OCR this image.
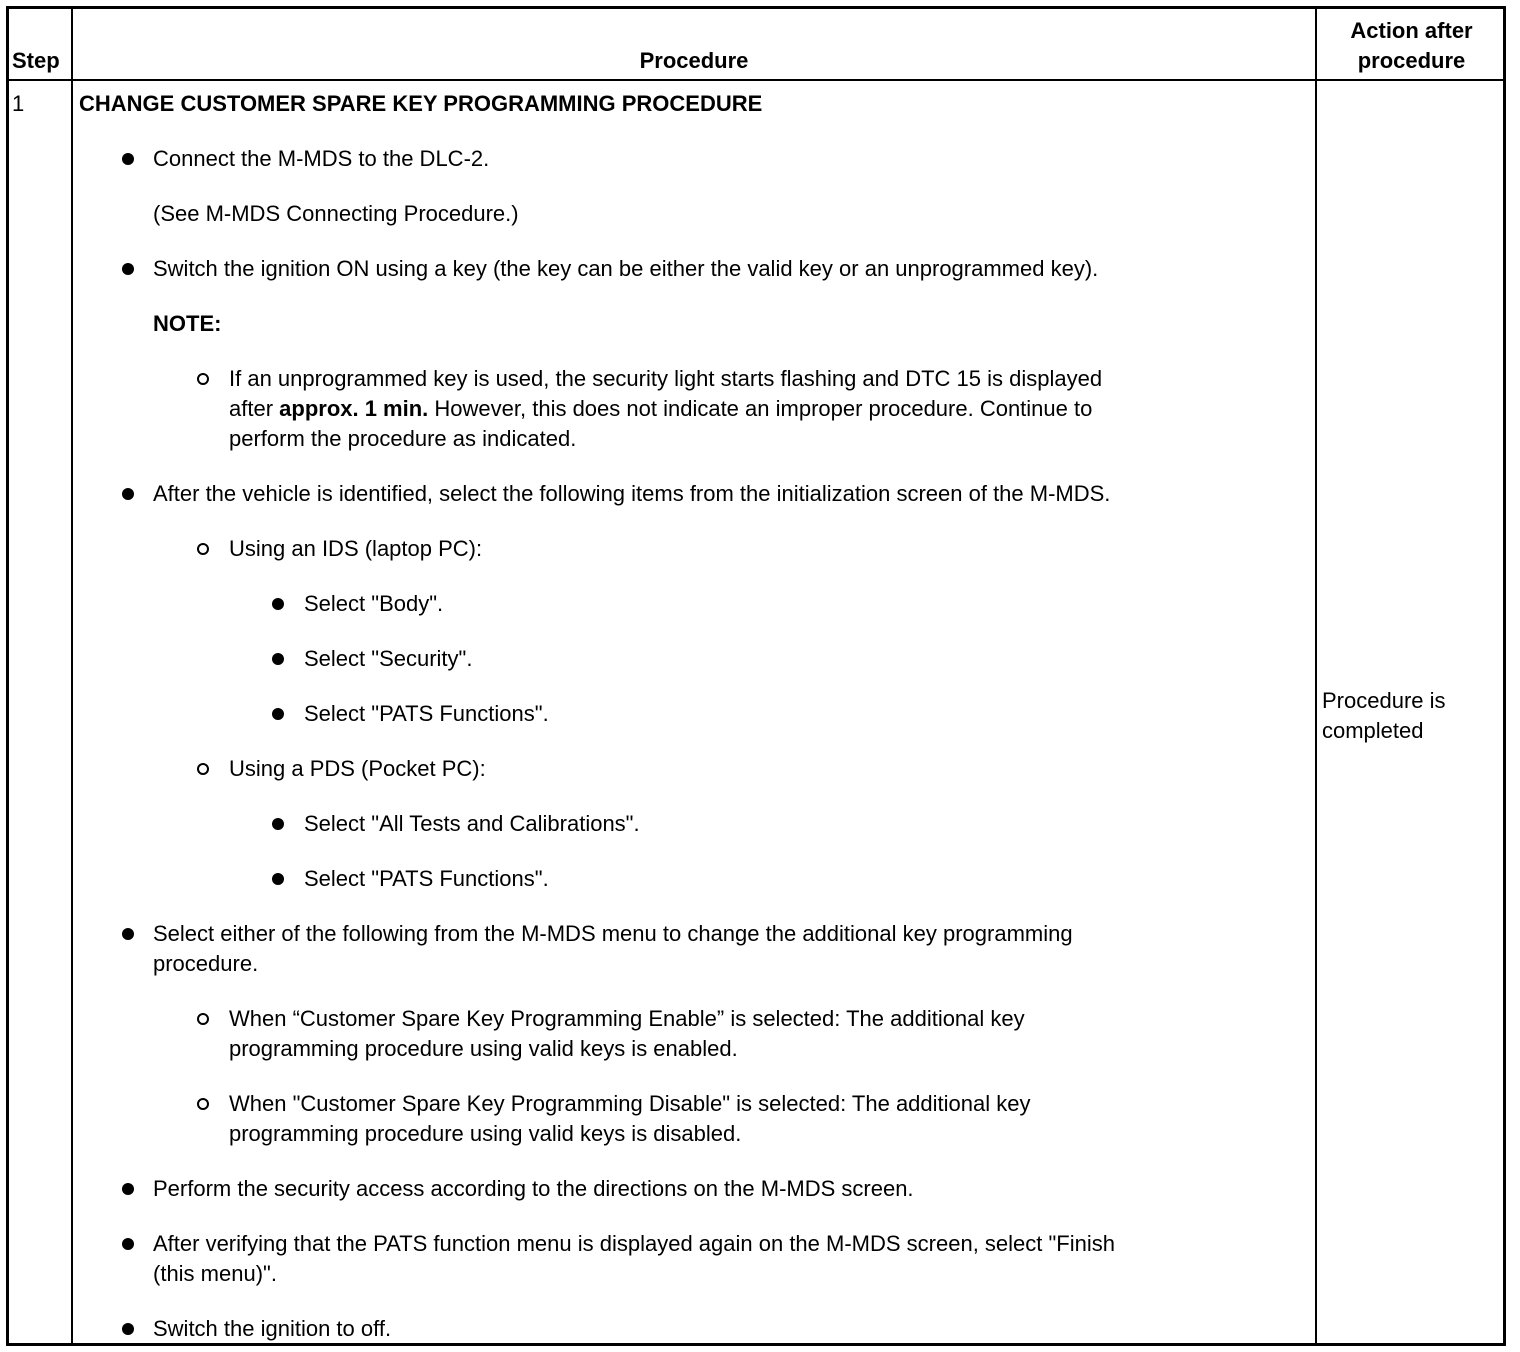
Step	Procedure
Action after
procedure
1 CHANGE CUSTOMER SPARE KEY PROGRAMMING PROCEDURE
Connect the M-MDS to the DLC-2.
(See M-MDS Connecting Procedure.)
Switch the ignition ON using a key (the key can be either the valid key or an unprogrammed key).
NOTE:
If an unprogrammed key is used, the security light starts flashing and DTC 15 is displayed
after approx. 1 min. However, this does not indicate an improper procedure. Continue to
perform the procedure as indicated.
After the vehicle is identified, select the following items from the initialization screen of the M-MDS.
Using an IDS (laptop PC):
Select "Body".
Select "Security".
Select "PATS Functions".
Using a PDS (Pocket PC):
Select "All Tests and Calibrations".
Select "PATS Functions".
Select either of the following from the M-MDS menu to change the additional key programming
procedure.
When “Customer Spare Key Programming Enable” is selected: The additional key
programming procedure using valid keys is enabled.
When "Customer Spare Key Programming Disable" is selected: The additional key
programming procedure using valid keys is disabled.
Perform the security access according to the directions on the M-MDS screen.
After verifying that the PATS function menu is displayed again on the M-MDS screen, select "Finish
(this menu)".
Switch the ignition to off.
Procedure is
completed
